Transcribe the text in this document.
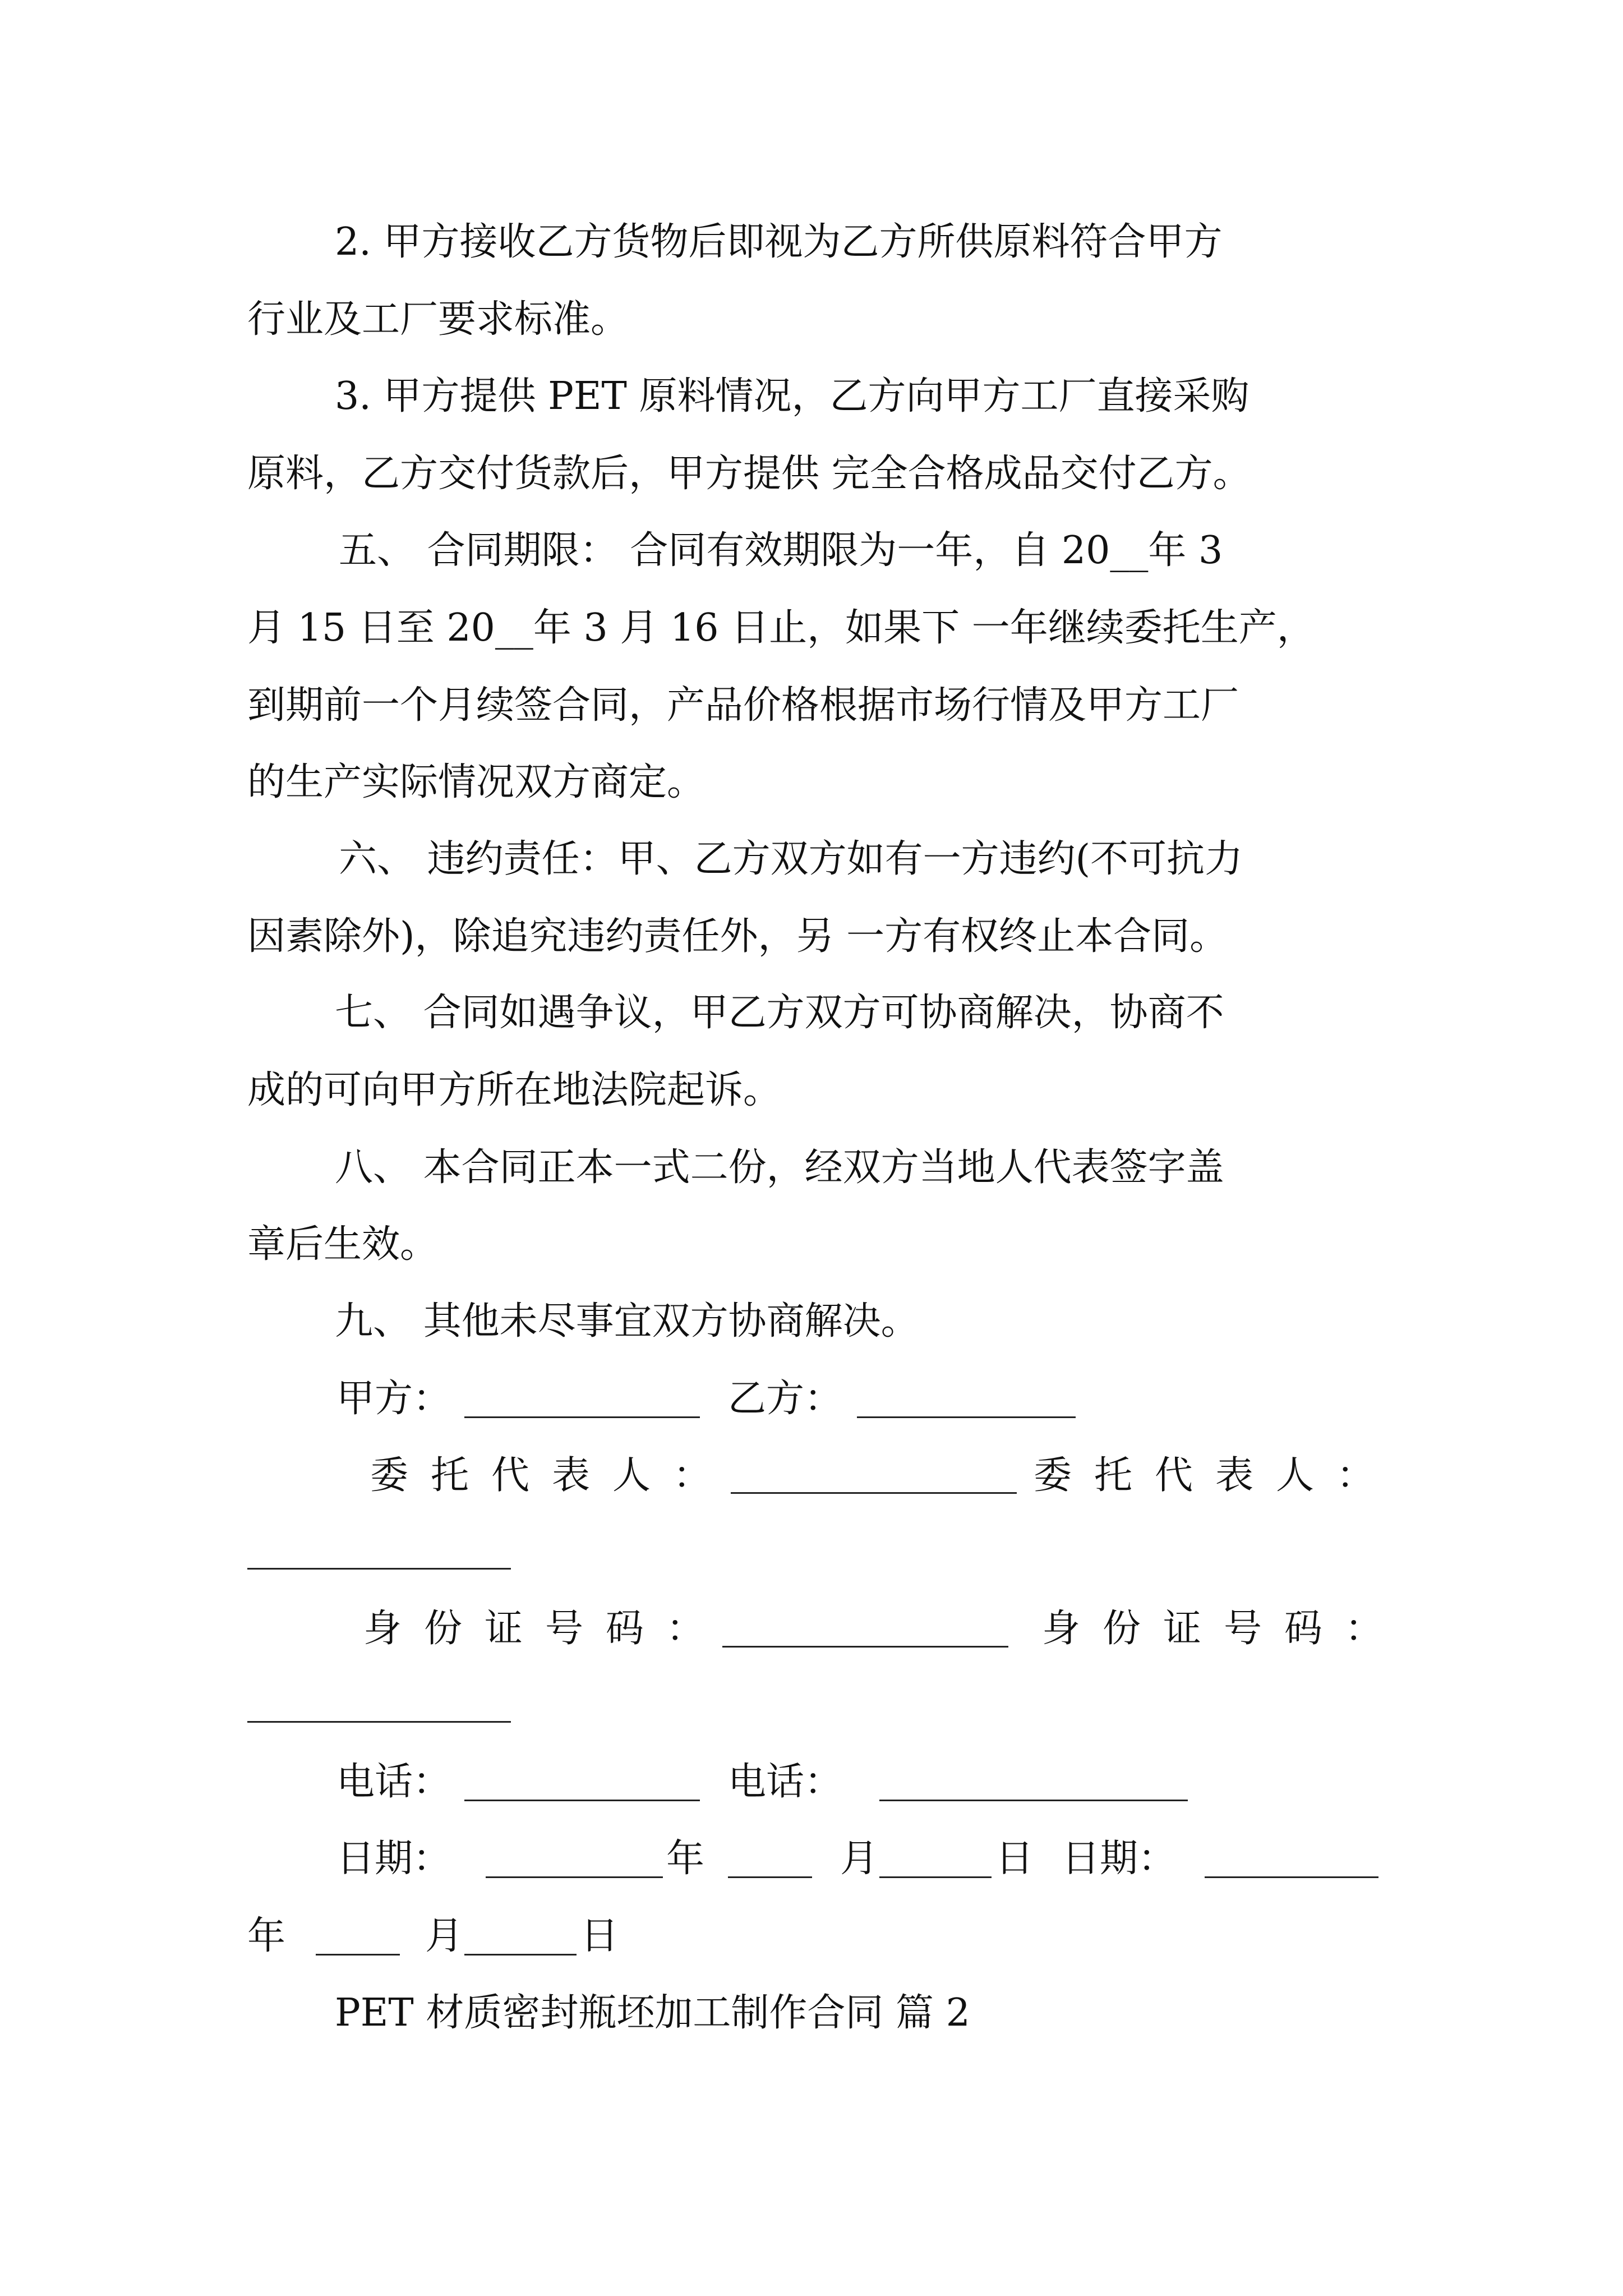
2. 甲方接收乙方货物后即视为乙方所供原料符合甲方
行业及工厂要求标准。
3. 甲方提供 PET 原料情况，乙方向甲方工厂直接采购
原料，乙方交付货款后，甲方提供 完全合格成品交付乙方。
五、 合同期限： 合同有效期限为一年，自 20__年 3
月 15 日至 20__年 3 月 16 日止，如果下 一年继续委托生产，
到期前一个月续签合同，产品价格根据市场行情及甲方工厂
的生产实际情况双方商定。
六、 违约责任：甲、乙方双方如有一方违约(不可抗力
因素除外)，除追究违约责任外，另 一方有权终止本合同。
七、 合同如遇争议，甲乙方双方可协商解决，协商不
成的可向甲方所在地法院起诉。
八、 本合同正本一式二份，经双方当地人代表签字盖
章后生效。
九、 其他未尽事宜双方协商解决。
甲方：	乙方：
委托代表人：	委托代表人：
身份证号码：	身份证号码：
电话：	电话：
日期：	年	月	日 日期：
年	月	日
PET 材质密封瓶坯加工制作合同 篇 2
